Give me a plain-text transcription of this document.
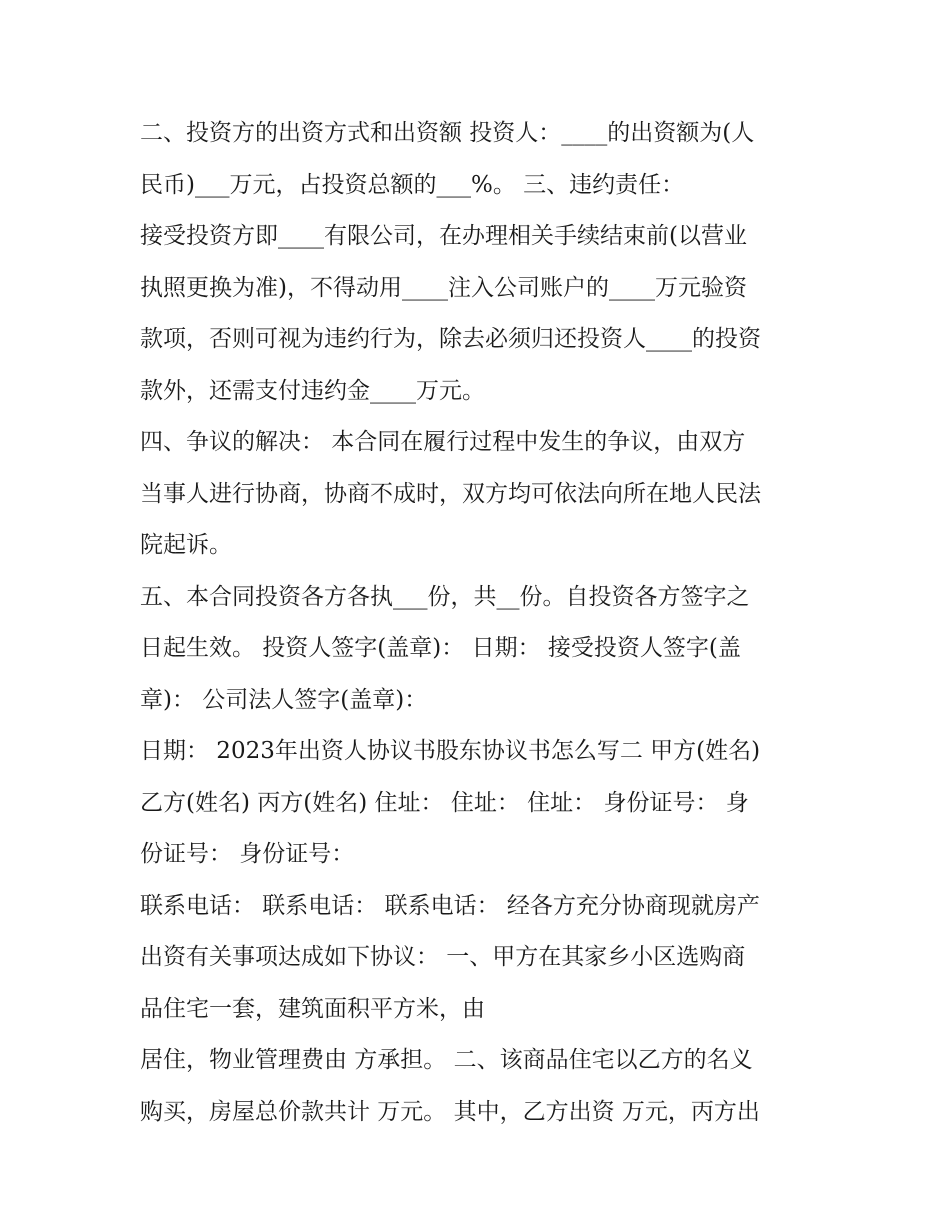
二、投资方的出资方式和出资额 投资人：____的出资额为(人
民币)___万元，占投资总额的___%。 三、违约责任：
接受投资方即____有限公司，在办理相关手续结束前(以营业
执照更换为准)，不得动用____注入公司账户的____万元验资
款项，否则可视为违约行为，除去必须归还投资人____的投资
款外，还需支付违约金____万元。
四、争议的解决： 本合同在履行过程中发生的争议，由双方
当事人进行协商，协商不成时，双方均可依法向所在地人民法
院起诉。
五、本合同投资各方各执___份，共__份。自投资各方签字之
日起生效。 投资人签字(盖章)： 日期： 接受投资人签字(盖
章)： 公司法人签字(盖章)：
日期： 2023年出资人协议书股东协议书怎么写二 甲方(姓名)
乙方(姓名) 丙方(姓名) 住址： 住址： 住址： 身份证号： 身
份证号： 身份证号：
联系电话： 联系电话： 联系电话： 经各方充分协商现就房产
出资有关事项达成如下协议： 一、甲方在其家乡小区选购商
品住宅一套，建筑面积平方米，由
居住，物业管理费由 方承担。 二、该商品住宅以乙方的名义
购买，房屋总价款共计 万元。 其中，乙方出资 万元，丙方出
